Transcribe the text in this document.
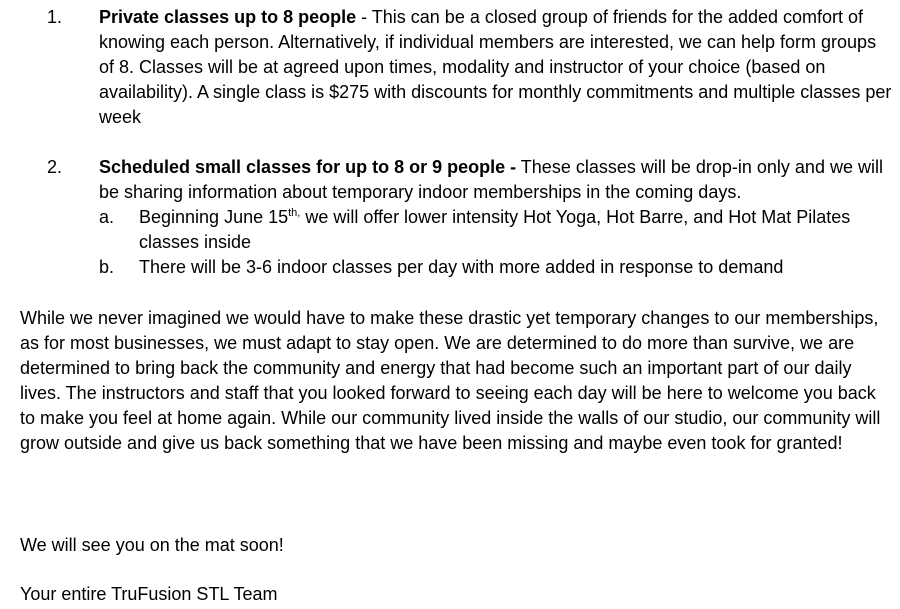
1. Private classes up to 8 people - This can be a closed group of friends for the added comfort of knowing each person. Alternatively, if individual members are interested, we can help form groups of 8. Classes will be at agreed upon times, modality and instructor of your choice (based on availability). A single class is $275 with discounts for monthly commitments and multiple classes per week
2. Scheduled small classes for up to 8 or 9 people - These classes will be drop-in only and we will be sharing information about temporary indoor memberships in the coming days.
a. Beginning June $15^{th,}$ we will offer lower intensity Hot Yoga, Hot Barre, and Hot Mat Pilates classes inside
b. There will be 3-6 indoor classes per day with more added in response to demand
While we never imagined we would have to make these drastic yet temporary changes to our memberships, as for most businesses, we must adapt to stay open. We are determined to do more than survive, we are determined to bring back the community and energy that had become such an important part of our daily lives. The instructors and staff that you looked forward to seeing each day will be here to welcome you back to make you feel at home again. While our community lived inside the walls of our studio, our community will grow outside and give us back something that we have been missing and maybe even took for granted!
We will see you on the mat soon!
Your entire TruFusion STL Team
